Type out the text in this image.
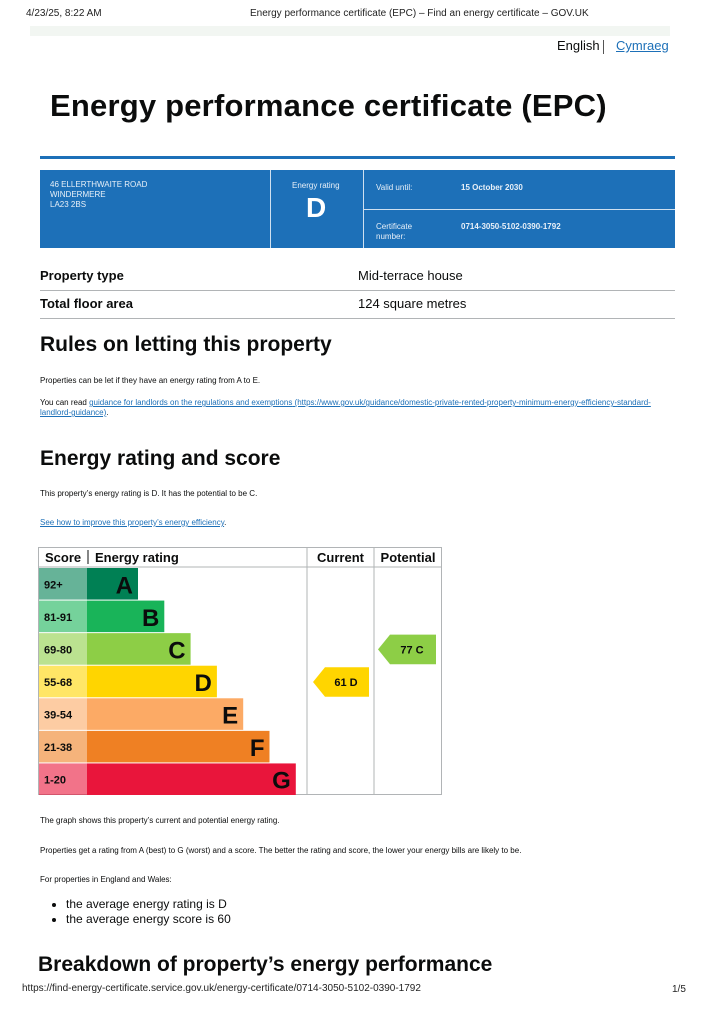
4/23/25, 8:22 AM	Energy performance certificate (EPC) – Find an energy certificate – GOV.UK
English Cymraeg
Energy performance certificate (EPC)
46 ELLERTHWAITE ROAD
WINDERMERE
LA23 2BS
Energy rating
D
Valid until:	15 October 2030
Certificate number:
0714-3050-5102-0390-1792
Property type	Mid-terrace house
Total floor area	124 square metres
Rules on letting this property
Properties can be let if they have an energy rating from A to E.
You can read guidance for landlords on the regulations and exemptions (https://www.gov.uk/guidance/domestic-private-rented-property-minimum-energy-efficiency-standard-landlord-guidance).
Energy rating and score
This property’s energy rating is D. It has the potential to be C.
See how to improve this property’s energy efficiency.
Score Energy rating	Current Potential
92+ A
81-91	B
69-80	C
55-68	D
39-54	E
21-38	F
1-20	G
61 D
77 C
The graph shows this property’s current and potential energy rating.
Properties get a rating from A (best) to G (worst) and a score. The better the rating and score, the lower your energy bills are likely to be.
For properties in England and Wales:
• the average energy rating is D
• the average energy score is 60
Breakdown of property’s energy performance
https://find-energy-certificate.service.gov.uk/energy-certificate/0714-3050-5102-0390-1792	1/5
